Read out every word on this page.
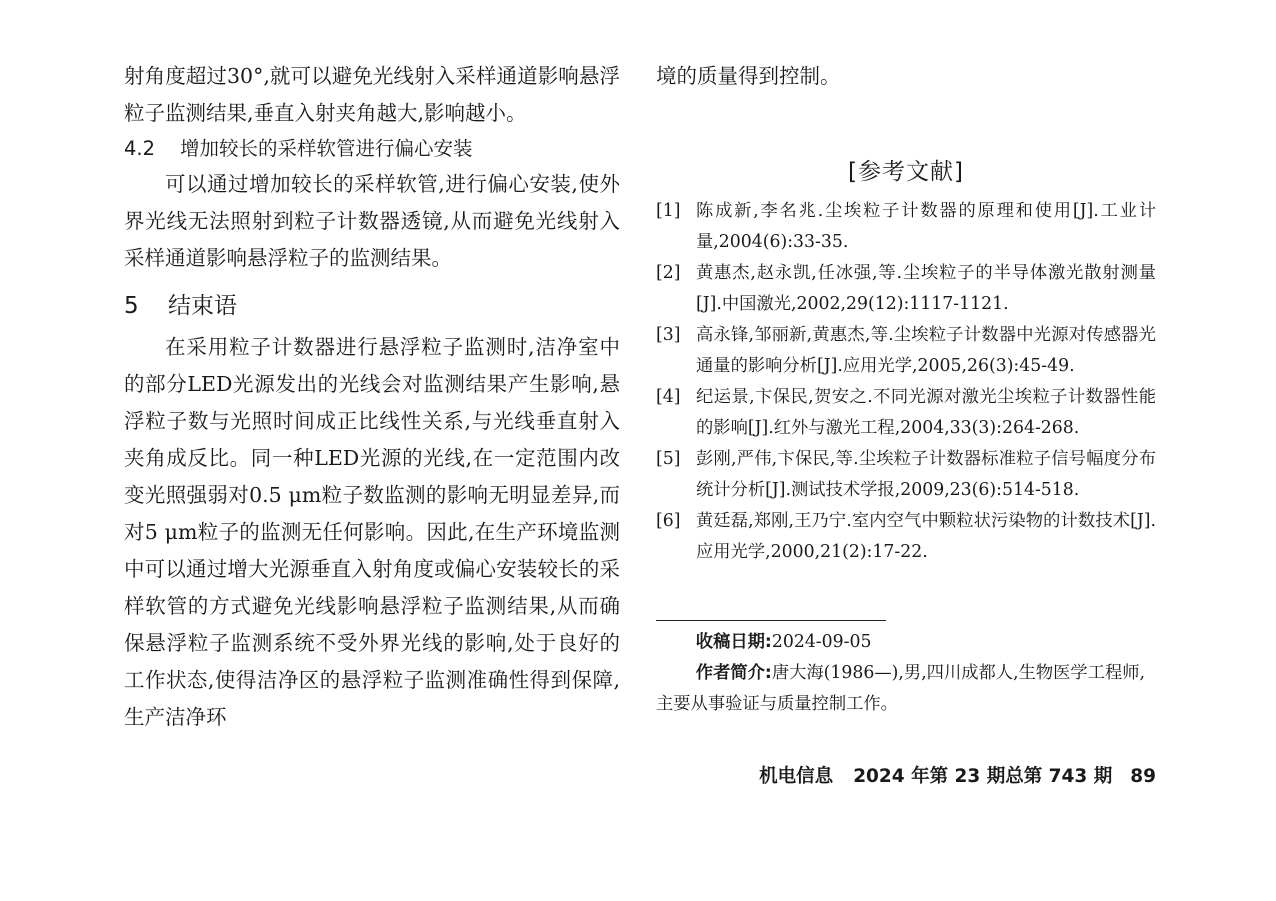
射角度超过30°,就可以避免光线射入采样通道影响悬浮粒子监测结果,垂直入射夹角越大,影响越小。

4.2 增加较长的采样软管进行偏心安装

可以通过增加较长的采样软管,进行偏心安装,使外界光线无法照射到粒子计数器透镜,从而避免光线射入采样通道影响悬浮粒子的监测结果。

5 结束语

在采用粒子计数器进行悬浮粒子监测时,洁净室中的部分LED光源发出的光线会对监测结果产生影响,悬浮粒子数与光照时间成正比线性关系,与光线垂直射入夹角成反比。同一种LED光源的光线,在一定范围内改变光照强弱对0.5 μm粒子数监测的影响无明显差异,而对5 μm粒子的监测无任何影响。因此,在生产环境监测中可以通过增大光源垂直入射角度或偏心安装较长的采样软管的方式避免光线影响悬浮粒子监测结果,从而确保悬浮粒子监测系统不受外界光线的影响,处于良好的工作状态,使得洁净区的悬浮粒子监测准确性得到保障,生产洁净环

境的质量得到控制。

[参考文献]
[1] 陈成新,李名兆.尘埃粒子计数器的原理和使用[J].工业计量,2004(6):33-35.
[2] 黄惠杰,赵永凯,任冰强,等.尘埃粒子的半导体激光散射测量[J].中国激光,2002,29(12):1117-1121.
[3] 高永锋,邹丽新,黄惠杰,等.尘埃粒子计数器中光源对传感器光通量的影响分析[J].应用光学,2005,26(3):45-49.
[4] 纪运景,卞保民,贺安之.不同光源对激光尘埃粒子计数器性能的影响[J].红外与激光工程,2004,33(3):264-268.
[5] 彭刚,严伟,卞保民,等.尘埃粒子计数器标准粒子信号幅度分布统计分析[J].测试技术学报,2009,23(6):514-518.
[6] 黄廷磊,郑刚,王乃宁.室内空气中颗粒状污染物的计数技术[J].应用光学,2000,21(2):17-22.

收稿日期:2024-09-05

作者简介:唐大海(1986—),男,四川成都人,生物医学工程师,主要从事验证与质量控制工作。

机电信息 2024 年第 23 期总第 743 期 89
